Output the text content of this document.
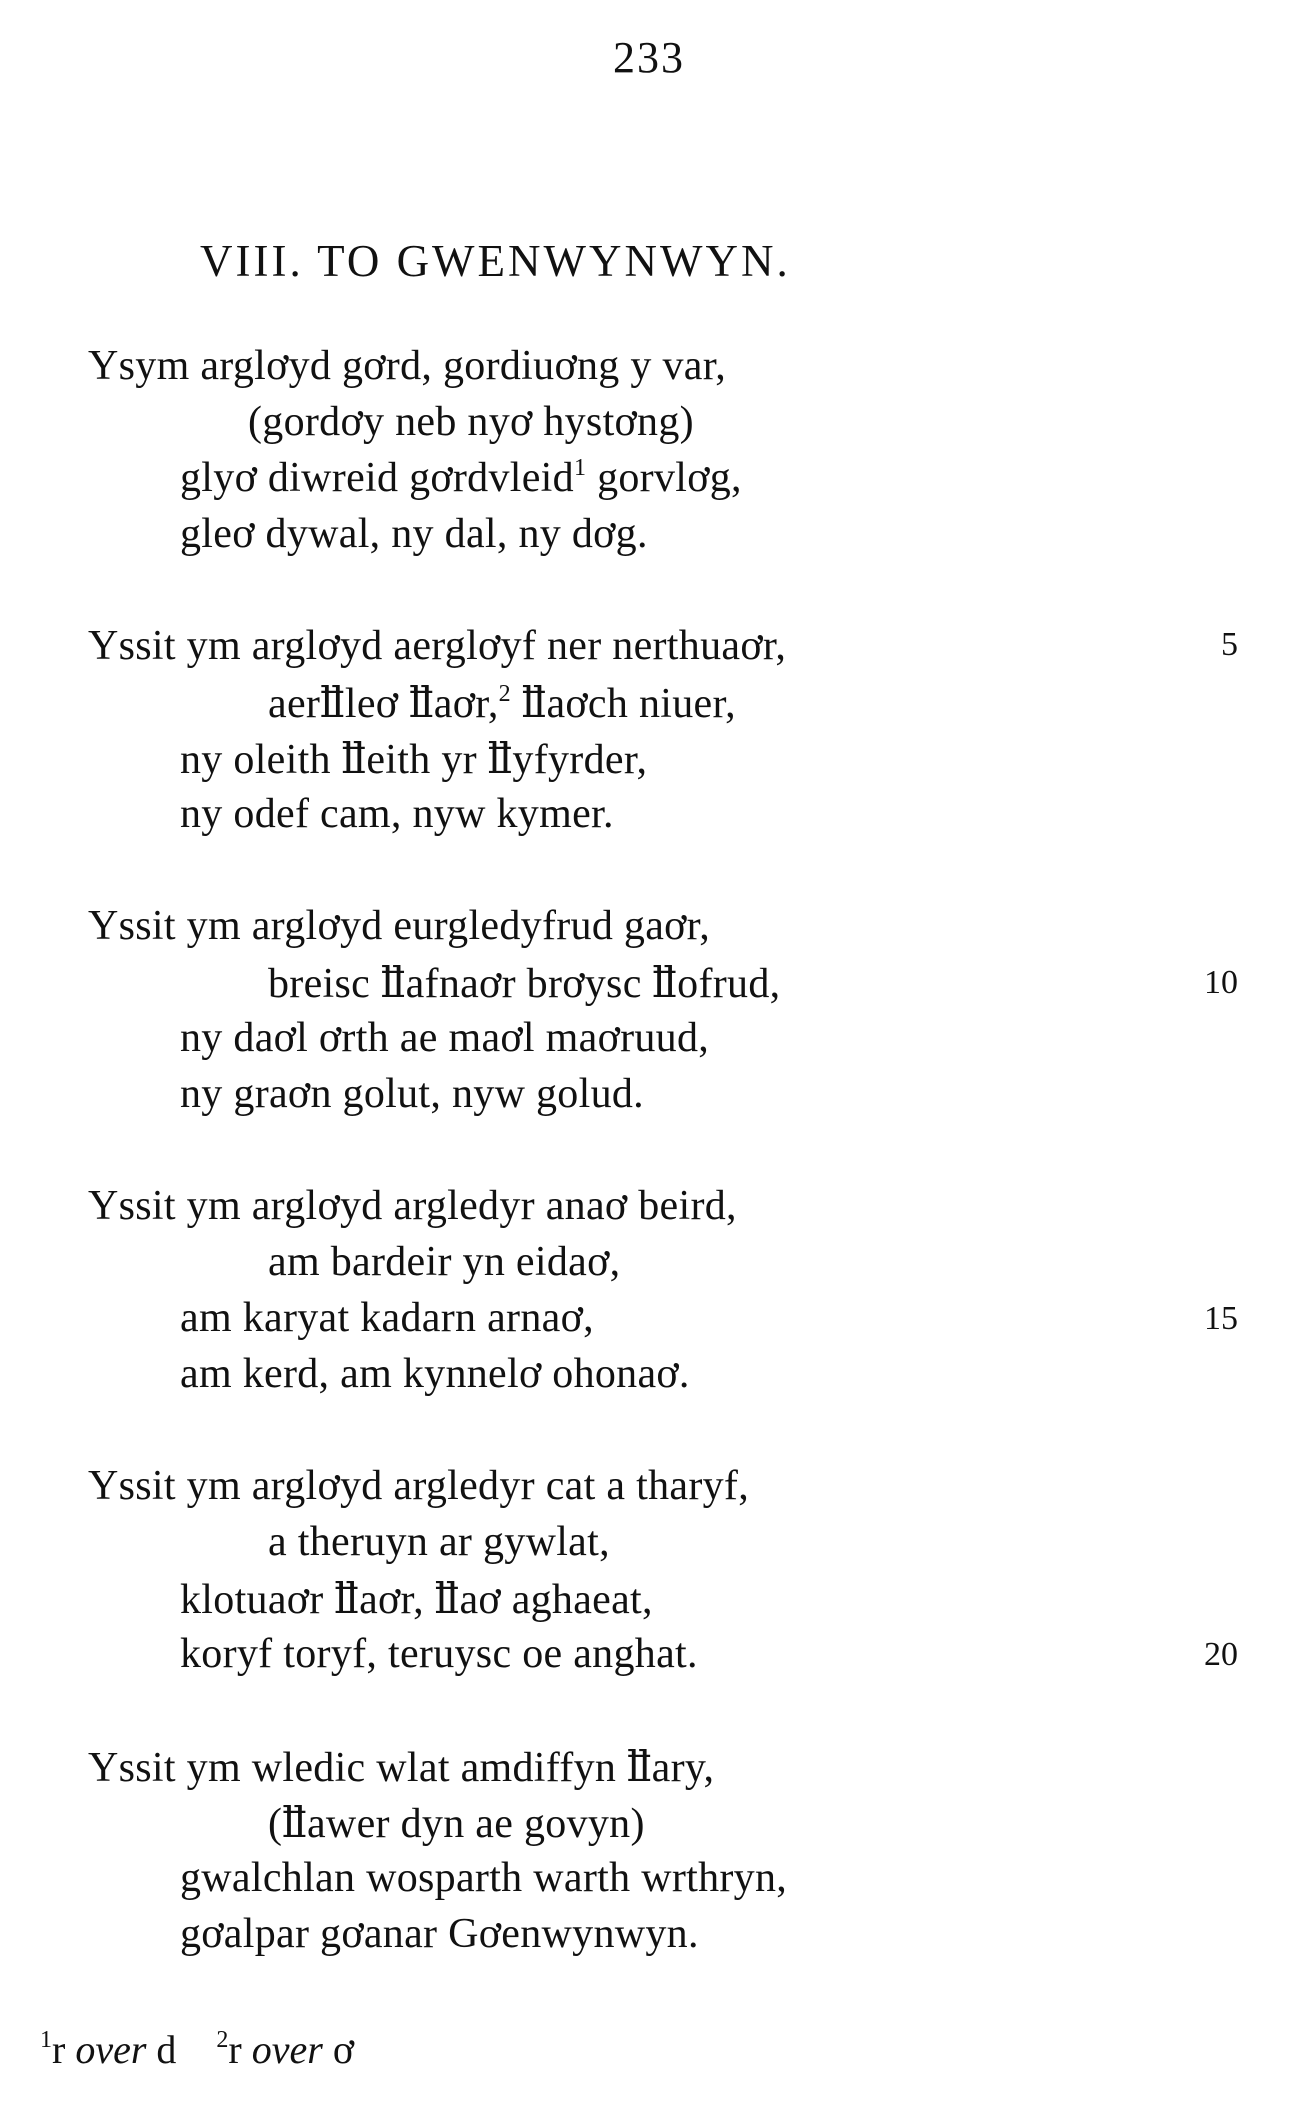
233
VIII. TO GWENWYNWYN.
Ysym arglơyd gơrd, gordiuơng y var,
(gordơy neb nyơ hystơng)
glyơ diwreid gơrdvleid$^1$ gorvlơg,
gleơ dywal, ny dal, ny dơg.
Yssit ym arglơyd aerglơyf ner nerthuaơr,	5
aerỻleơ ỻaơr,$^2$ ỻaơch niuer,
ny oleith ỻeith yr ỻyfyrder,
ny odef cam, nyw kymer.
Yssit ym arglơyd eurgledyfrud gaơr,
breisc ỻafnaơr brơysc ỻofrud,	10
ny daơl ơrth ae maơl maơruud,
ny graơn golut, nyw golud.
Yssit ym arglơyd argledyr anaơ beird,
am bardeir yn eidaơ,
am karyat kadarn arnaơ,	15
am kerd, am kynnelơ ohonaơ.
Yssit ym arglơyd argledyr cat a tharyf,
a theruyn ar gywlat,
klotuaơr ỻaơr, ỻaơ aghaeat,
koryf toryf, teruysc oe anghat.	20
Yssit ym wledic wlat amdiffyn ỻary,
(ỻawer dyn ae govyn)
gwalchlan wosparth warth wrthryn,
gơalpar gơanar Gơenwynwyn.
$^1$r over d $^2$r over ơ
